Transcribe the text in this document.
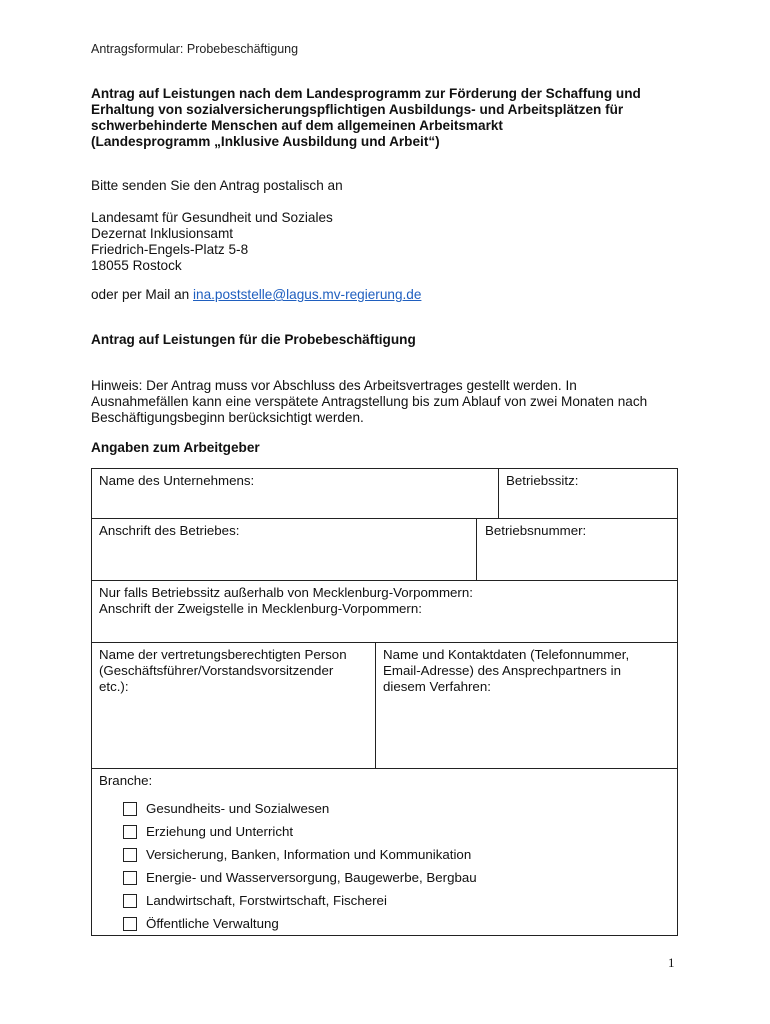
Antragsformular: Probebeschäftigung
Antrag auf Leistungen nach dem Landesprogramm zur Förderung der Schaffung und
Erhaltung von sozialversicherungspflichtigen Ausbildungs- und Arbeitsplätzen für
schwerbehinderte Menschen auf dem allgemeinen Arbeitsmarkt
(Landesprogramm „Inklusive Ausbildung und Arbeit“)
Bitte senden Sie den Antrag postalisch an
Landesamt für Gesundheit und Soziales
Dezernat Inklusionsamt
Friedrich-Engels-Platz 5-8
18055 Rostock
oder per Mail an ina.poststelle@lagus.mv-regierung.de
Antrag auf Leistungen für die Probebeschäftigung
Hinweis: Der Antrag muss vor Abschluss des Arbeitsvertrages gestellt werden. In
Ausnahmefällen kann eine verspätete Antragstellung bis zum Ablauf von zwei Monaten nach
Beschäftigungsbeginn berücksichtigt werden.
Angaben zum Arbeitgeber
Name des Unternehmens:	Betriebssitz:
Anschrift des Betriebes:	Betriebsnummer:
Nur falls Betriebssitz außerhalb von Mecklenburg-Vorpommern:
Anschrift der Zweigstelle in Mecklenburg-Vorpommern:
Name der vertretungsberechtigten Person
(Geschäftsführer/Vorstandsvorsitzender
etc.):
Name und Kontaktdaten (Telefonnummer,
Email-Adresse) des Ansprechpartners in
diesem Verfahren:
Branche:
Gesundheits- und Sozialwesen
Erziehung und Unterricht
Versicherung, Banken, Information und Kommunikation
Energie- und Wasserversorgung, Baugewerbe, Bergbau
Landwirtschaft, Forstwirtschaft, Fischerei
Öffentliche Verwaltung
1
